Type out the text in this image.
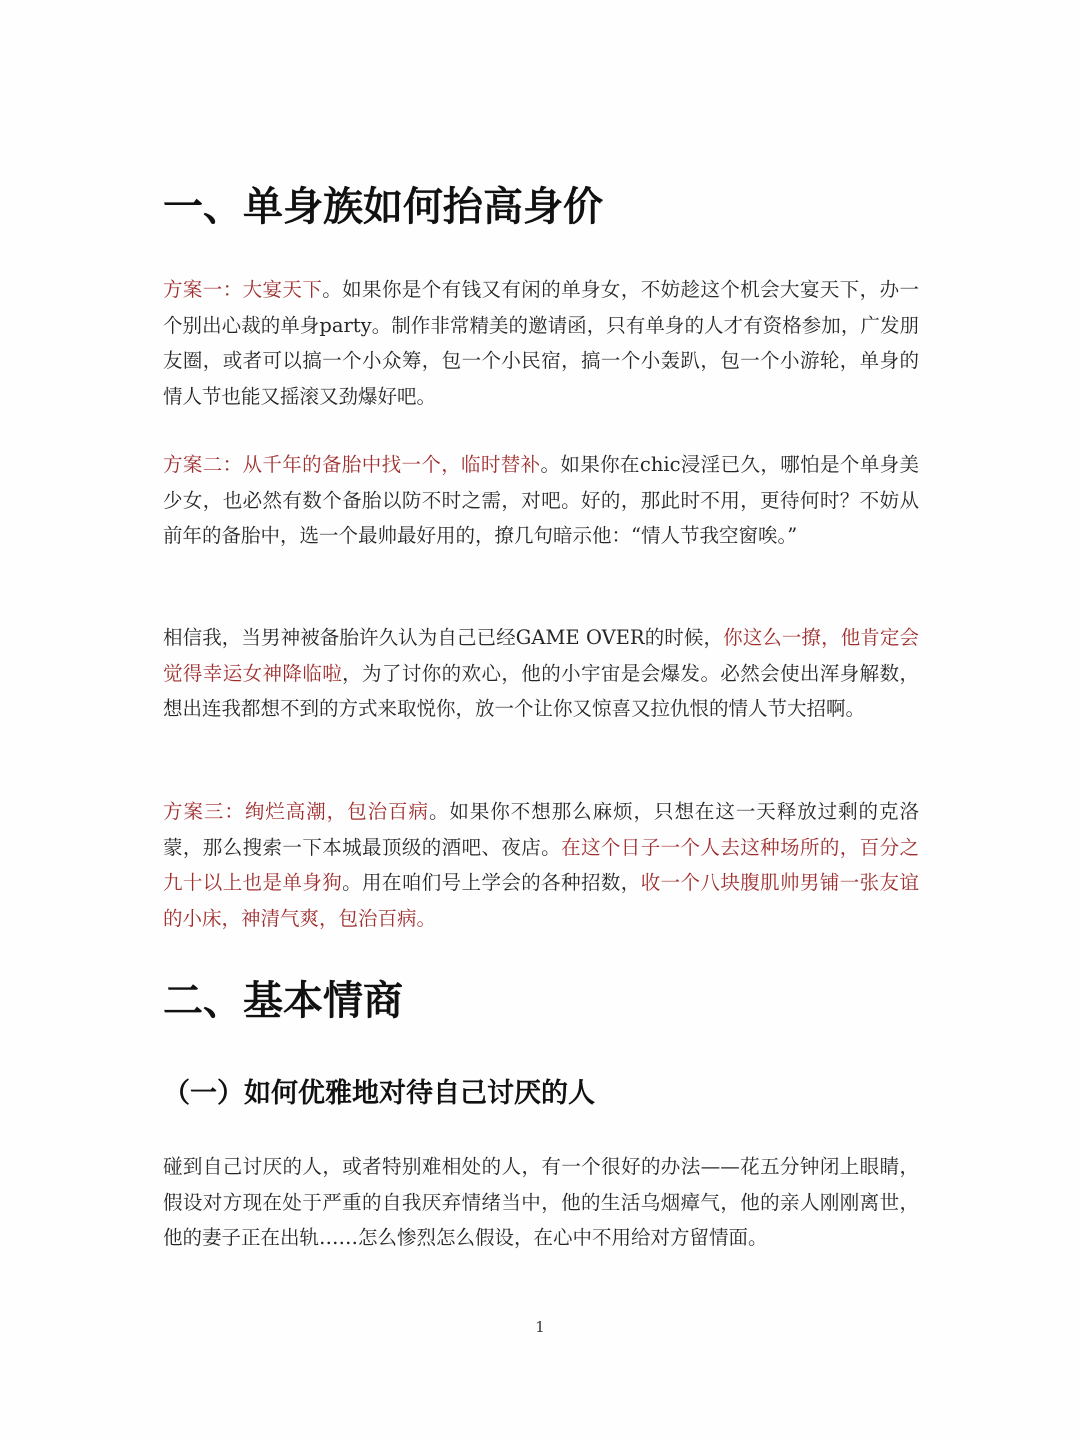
一、单身族如何抬高身价

方案一：大宴天下。如果你是个有钱又有闲的单身女，不妨趁这个机会大宴天下，办一个别出心裁的单身party。制作非常精美的邀请函，只有单身的人才有资格参加，广发朋友圈，或者可以搞一个小众筹，包一个小民宿，搞一个小轰趴，包一个小游轮，单身的情人节也能又摇滚又劲爆好吧。

方案二：从千年的备胎中找一个，临时替补。如果你在chic浸淫已久，哪怕是个单身美少女，也必然有数个备胎以防不时之需，对吧。好的，那此时不用，更待何时？不妨从前年的备胎中，选一个最帅最好用的，撩几句暗示他：“情人节我空窗唉。”

相信我，当男神被备胎许久认为自己已经GAME OVER的时候，你这么一撩，他肯定会觉得幸运女神降临啦，为了讨你的欢心，他的小宇宙是会爆发。必然会使出浑身解数，想出连我都想不到的方式来取悦你，放一个让你又惊喜又拉仇恨的情人节大招啊。

方案三：绚烂高潮，包治百病。如果你不想那么麻烦，只想在这一天释放过剩的克洛蒙，那么搜索一下本城最顶级的酒吧、夜店。在这个日子一个人去这种场所的，百分之九十以上也是单身狗。用在咱们号上学会的各种招数，收一个八块腹肌帅男铺一张友谊的小床，神清气爽，包治百病。

二、基本情商
（一）如何优雅地对待自己讨厌的人

碰到自己讨厌的人，或者特别难相处的人，有一个很好的办法——花五分钟闭上眼睛，假设对方现在处于严重的自我厌弃情绪当中，他的生活乌烟瘴气，他的亲人刚刚离世，他的妻子正在出轨……怎么惨烈怎么假设，在心中不用给对方留情面。

1
